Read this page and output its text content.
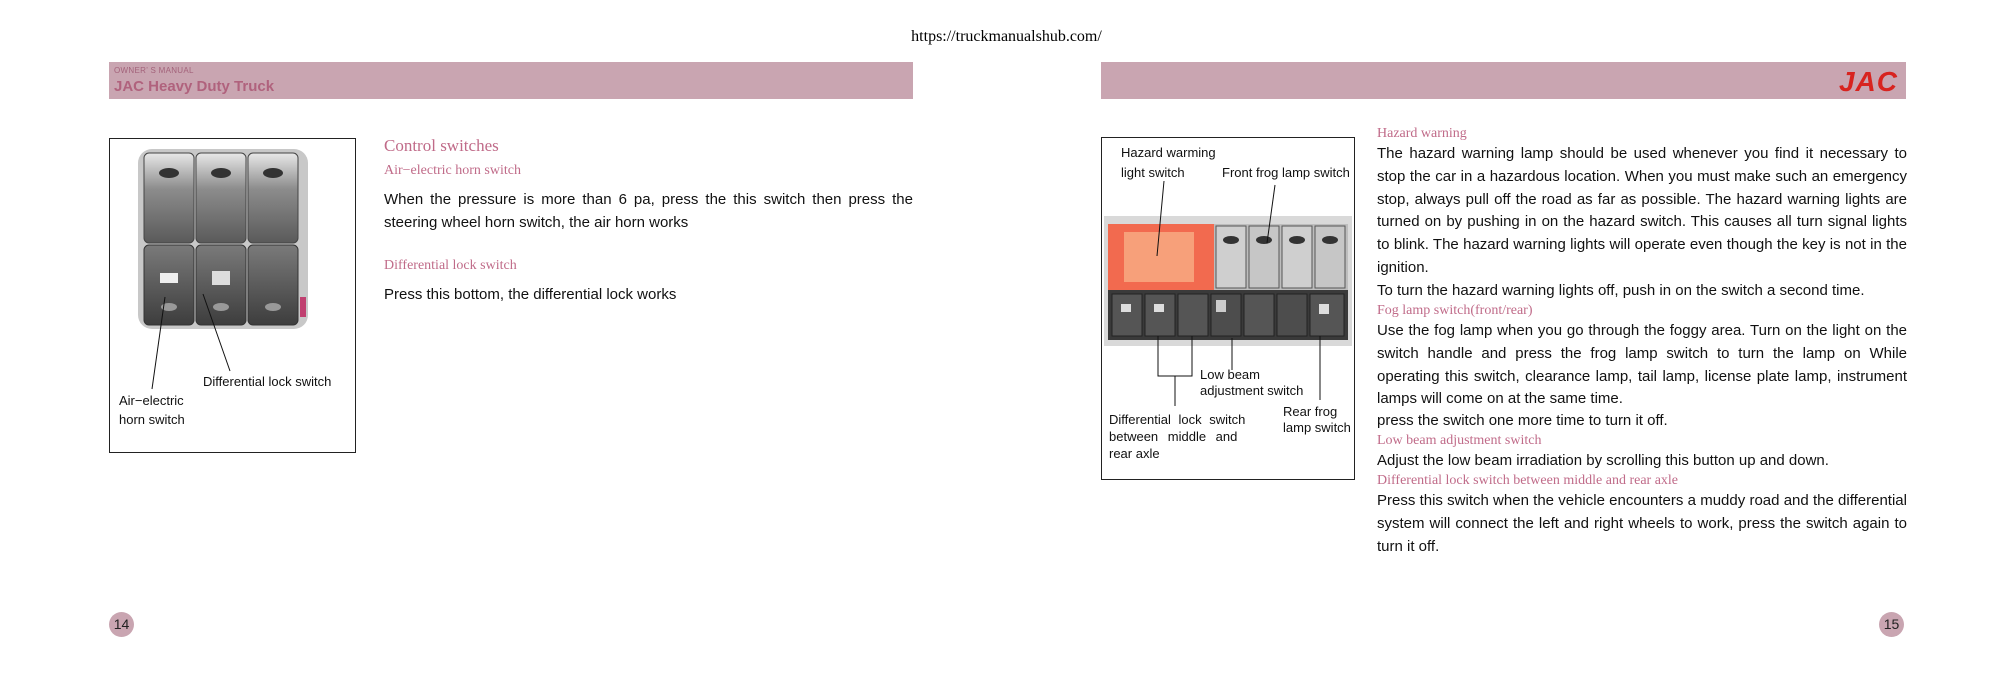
https://truckmanualshub.com/
OWNER’ S MANUAL
JAC Heavy Duty Truck	JAC
Differential lock switch
Air−electric
horn switch
Control switches
Air−electric horn switch
When the pressure is more than 6 pa, press the this switch then press the steering wheel horn switch, the air horn works
Differential lock switch
Press this bottom, the differential lock works
14
Hazard warming
light switch	Front frog lamp switch
Low beam
adjustment switch
Differential lock switch
between middle and
rear axle
Rear frog
lamp switch
Hazard warning
The hazard warning lamp should be used whenever you find it necessary to stop the car in a hazardous location. When you must make such an emergency stop, always pull off the road as far as possible. The hazard warning lights are turned on by pushing in on the hazard switch. This causes all turn signal lights to blink. The hazard warning lights will operate even though the key is not in the ignition.
To turn the hazard warning lights off, push in on the switch a second time.
Fog lamp switch(front/rear)
Use the fog lamp when you go through the foggy area. Turn on the light on the switch handle and press the frog lamp switch to turn the lamp on While operating this switch, clearance lamp, tail lamp, license plate lamp, instrument lamps will come on at the same time.
press the switch one more time to turn it off.
Low beam adjustment switch
Adjust the low beam irradiation by scrolling this button up and down.
Differential lock switch between middle and rear axle
Press this switch when the vehicle encounters a muddy road and the differential system will connect the left and right wheels to work, press the switch again to turn it off.
15
